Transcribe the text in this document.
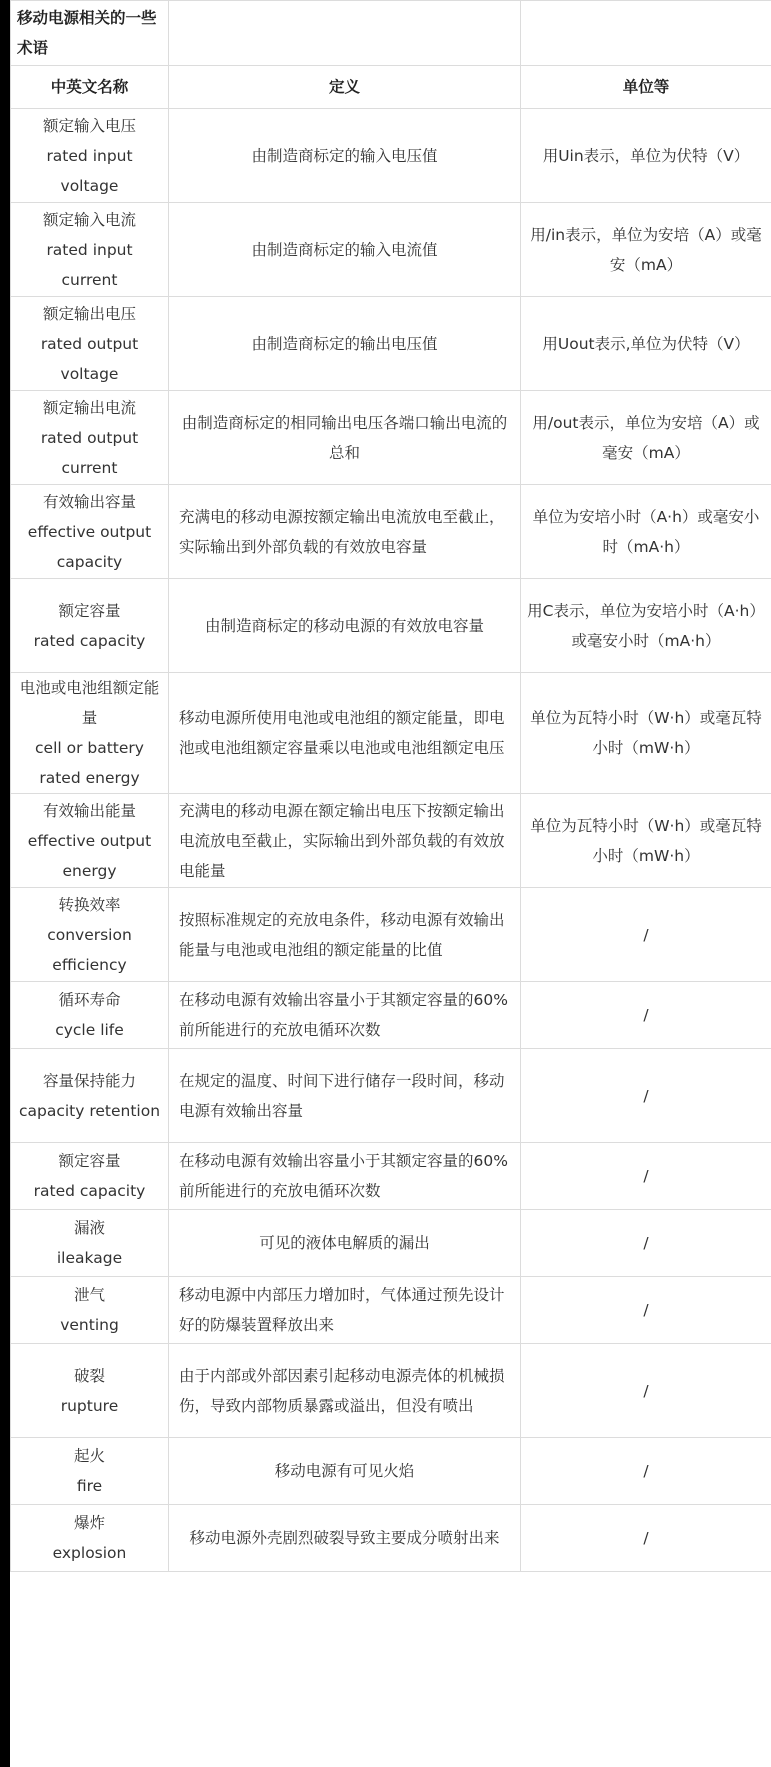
移动电源相关的一些术语		
中英文名称	定义	单位等

额定输入电压
rated input voltage	由制造商标定的输入电压值	用Uin表示，单位为伏特（V）

额定输入电流
rated input current	由制造商标定的输入电流值	用/in表示，单位为安培（A）或毫安（mA）

额定输出电压
rated output voltage	由制造商标定的输出电压值	用Uout表示,单位为伏特（V）

额定输出电流
rated output current	由制造商标定的相同输出电压各端口输出电流的总和	用/out表示，单位为安培（A）或毫安（mA）

有效输出容量
effective output capacity	充满电的移动电源按额定输出电流放电至截止，实际输出到外部负载的有效放电容量	单位为安培小时（A·h）或毫安小时（mA·h）

额定容量
rated capacity	由制造商标定的移动电源的有效放电容量	用C表示，单位为安培小时（A·h）或毫安小时（mA·h）

电池或电池组额定能量
cell or battery rated energy	移动电源所使用电池或电池组的额定能量，即电池或电池组额定容量乘以电池或电池组额定电压	单位为瓦特小时（W·h）或毫瓦特小时（mW·h）

有效输出能量
effective output energy	充满电的移动电源在额定输出电压下按额定输出电流放电至截止，实际输出到外部负载的有效放电能量	单位为瓦特小时（W·h）或毫瓦特小时（mW·h）

转换效率
conversion efficiency	按照标准规定的充放电条件，移动电源有效输出能量与电池或电池组的额定能量的比值	/

循环寿命
cycle life	在移动电源有效输出容量小于其额定容量的60%前所能进行的充放电循环次数	/

容量保持能力
capacity retention	在规定的温度、时间下进行储存一段时间，移动电源有效输出容量	/

额定容量
rated capacity	在移动电源有效输出容量小于其额定容量的60%前所能进行的充放电循环次数	/

漏液
ileakage	可见的液体电解质的漏出	/

泄气
venting	移动电源中内部压力增加时，气体通过预先设计好的防爆装置释放出来	/

破裂
rupture	由于内部或外部因素引起移动电源壳体的机械损伤，导致内部物质暴露或溢出，但没有喷出	/

起火
fire	移动电源有可见火焰	/

爆炸
explosion	移动电源外壳剧烈破裂导致主要成分喷射出来	/
